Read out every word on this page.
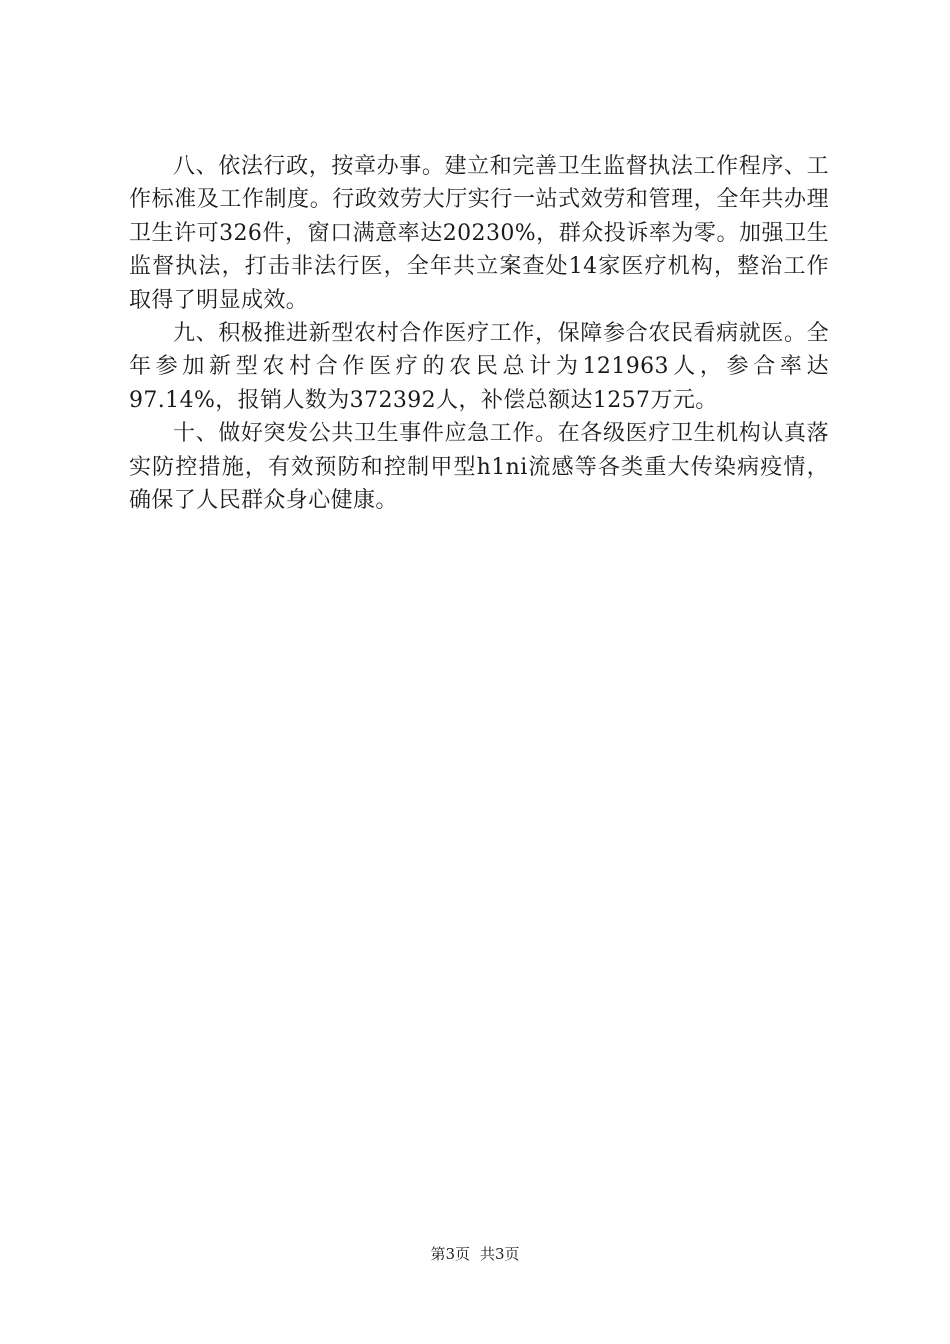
八、依法行政，按章办事。建立和完善卫生监督执法工作程序、工作标准及工作制度。行政效劳大厅实行一站式效劳和管理，全年共办理卫生许可326件，窗口满意率达20230%，群众投诉率为零。加强卫生监督执法，打击非法行医，全年共立案查处14家医疗机构，整治工作取得了明显成效。

九、积极推进新型农村合作医疗工作，保障参合农民看病就医。全年参加新型农村合作医疗的农民总计为121963人，参合率达97.14%，报销人数为372392人，补偿总额达1257万元。

十、做好突发公共卫生事件应急工作。在各级医疗卫生机构认真落实防控措施，有效预防和控制甲型h1ni流感等各类重大传染病疫情，确保了人民群众身心健康。

第3页 共3页
